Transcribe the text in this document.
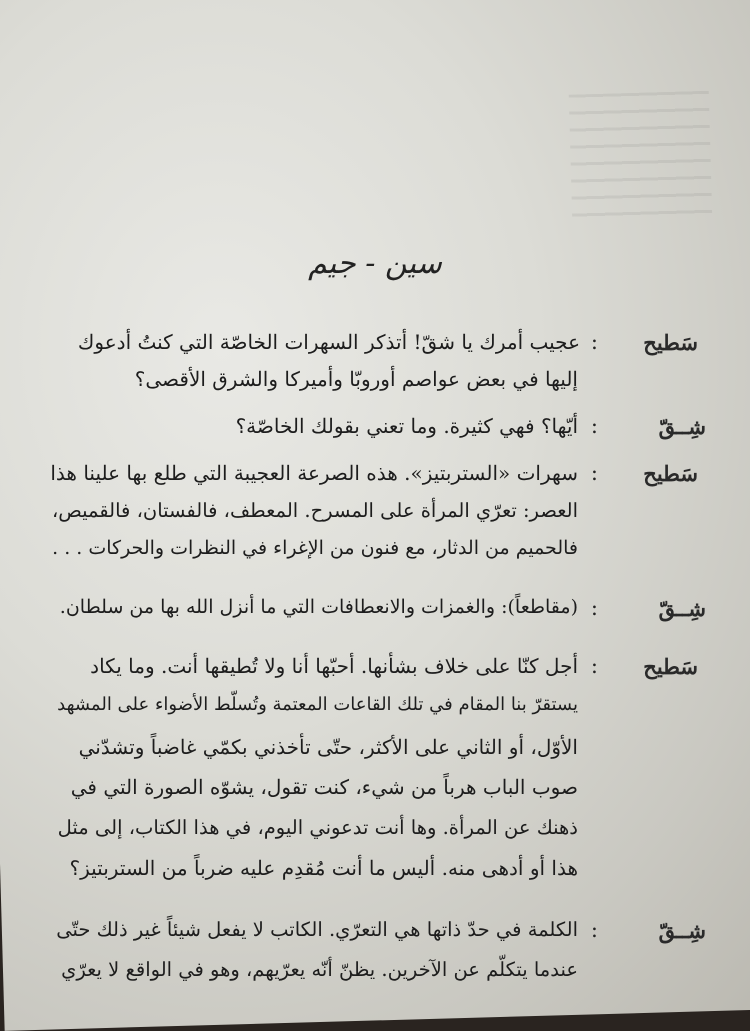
سين - جيم
سَطيح
:
عجيب أمرك يا شقّ! أتذكر السهرات الخاصّة التي كنتُ أدعوك
إليها في بعض عواصم أوروبّا وأميركا والشرق الأقصى؟
شِــقّ
:
أيّها؟ فهي كثيرة. وما تعني بقولك الخاصّة؟
سَطيح
:
سهرات «الستربتيز». هذه الصرعة العجيبة التي طلع بها علينا هذا
العصر: تعرّي المرأة على المسرح. المعطف، فالفستان، فالقميص،
فالحميم من الدثار، مع فنون من الإغراء في النظرات والحركات . . .
شِــقّ
:
(مقاطعاً): والغمزات والانعطافات التي ما أنزل الله بها من سلطان.
سَطيح
:
أجل كنّا على خلاف بشأنها. أحبّها أنا ولا تُطيقها أنت. وما يكاد
يستقرّ بنا المقام في تلك القاعات المعتمة وتُسلّط الأضواء على المشهد
الأوّل، أو الثاني على الأكثر، حتّى تأخذني بكمّي غاضباً وتشدّني
صوب الباب هرباً من شيء، كنت تقول، يشوّه الصورة التي في
ذهنك عن المرأة. وها أنت تدعوني اليوم، في هذا الكتاب، إلى مثل
هذا أو أدهى منه. أليس ما أنت مُقدِم عليه ضرباً من الستربتيز؟
شِــقّ
:
الكلمة في حدّ ذاتها هي التعرّي. الكاتب لا يفعل شيئاً غير ذلك حتّى
عندما يتكلّم عن الآخرين. يظنّ أنّه يعرّيهم، وهو في الواقع لا يعرّي
